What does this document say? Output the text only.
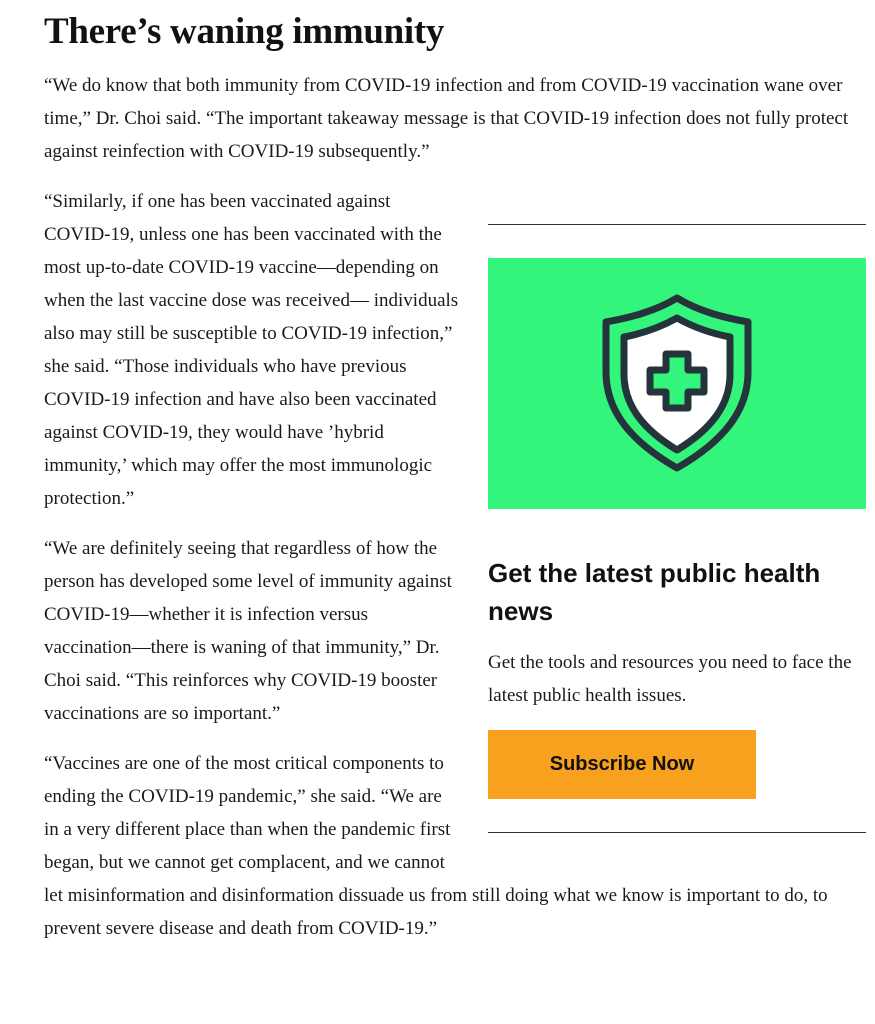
There’s waning immunity

“We do know that both immunity from COVID-19 infection and from COVID-19 vaccination wane over time,” Dr. Choi said. “The important takeaway message is that COVID-19 infection does not fully protect against reinfection with COVID-19 subsequently.”

Get the latest public health news
Get the tools and resources you need to face the latest public health issues.
Subscribe Now

“Similarly, if one has been vaccinated against COVID-19, unless one has been vaccinated with the most up-to-date COVID-19 vaccine—depending on when the last vaccine dose was received— individuals also may still be susceptible to COVID-19 infection,” she said. “Those individuals who have previous COVID-19 infection and have also been vaccinated against COVID-19, they would have ’hybrid immunity,’ which may offer the most immunologic protection.”

“We are definitely seeing that regardless of how the person has developed some level of immunity against COVID-19—whether it is infection versus vaccination—there is waning of that immunity,” Dr. Choi said. “This reinforces why COVID-19 booster vaccinations are so important.”

“Vaccines are one of the most critical components to ending the COVID-19 pandemic,” she said. “We are in a very different place than when the pandemic first began, but we cannot get complacent, and we cannot let misinformation and disinformation dissuade us from still doing what we know is important to do, to prevent severe disease and death from COVID-19.”
